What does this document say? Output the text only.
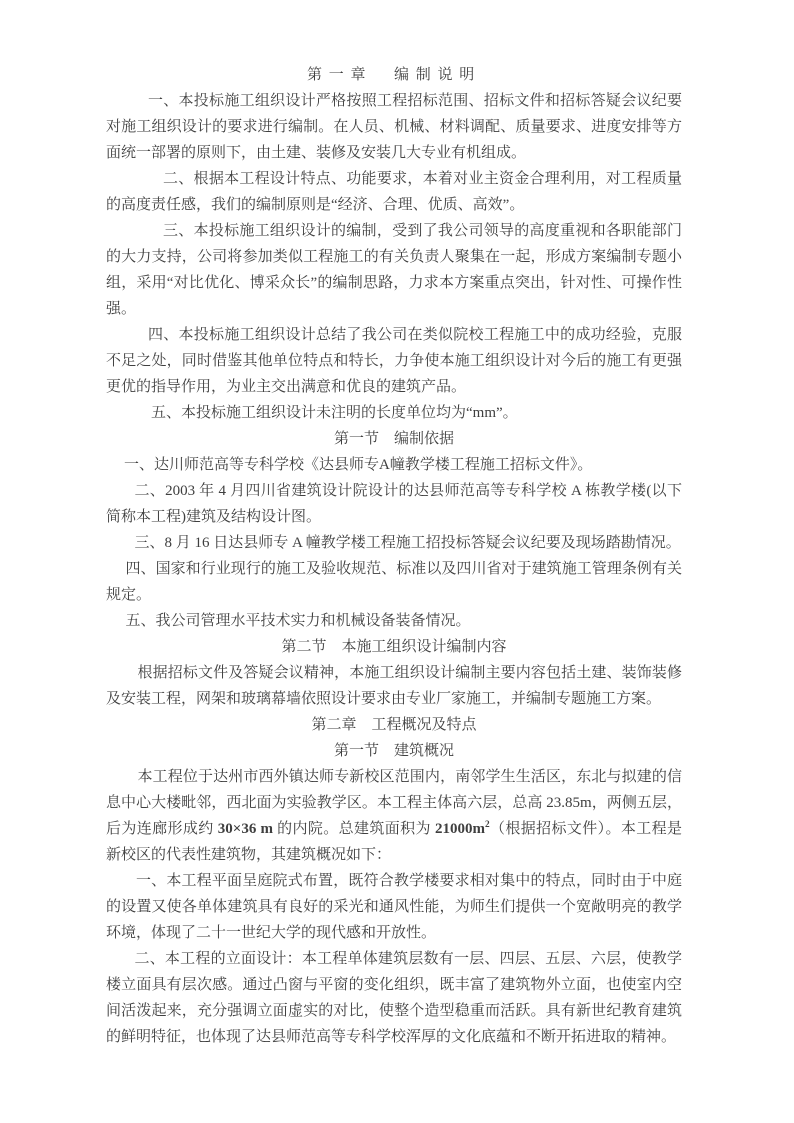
第一章　编制说明
一、本投标施工组织设计严格按照工程招标范围、招标文件和招标答疑会议纪要对施工组织设计的要求进行编制。在人员、机械、材料调配、质量要求、进度安排等方面统一部署的原则下，由土建、装修及安装几大专业有机组成。
二、根据本工程设计特点、功能要求，本着对业主资金合理利用，对工程质量的高度责任感，我们的编制原则是“经济、合理、优质、高效”。
三、本投标施工组织设计的编制，受到了我公司领导的高度重视和各职能部门的大力支持，公司将参加类似工程施工的有关负责人聚集在一起，形成方案编制专题小组，采用“对比优化、博采众长”的编制思路，力求本方案重点突出，针对性、可操作性强。
四、本投标施工组织设计总结了我公司在类似院校工程施工中的成功经验，克服不足之处，同时借鉴其他单位特点和特长，力争使本施工组织设计对今后的施工有更强更优的指导作用，为业主交出满意和优良的建筑产品。
五、本投标施工组织设计未注明的长度单位均为“mm”。
第一节　编制依据
一、达川师范高等专科学校《达县师专A幢教学楼工程施工招标文件》。
二、2003 年 4 月四川省建筑设计院设计的达县师范高等专科学校 A 栋教学楼(以下简称本工程)建筑及结构设计图。
三、8 月 16 日达县师专 A 幢教学楼工程施工招投标答疑会议纪要及现场踏勘情况。
四、国家和行业现行的施工及验收规范、标准以及四川省对于建筑施工管理条例有关规定。
五、我公司管理水平技术实力和机械设备装备情况。
第二节　本施工组织设计编制内容
根据招标文件及答疑会议精神，本施工组织设计编制主要内容包括土建、装饰装修及安装工程，网架和玻璃幕墙依照设计要求由专业厂家施工，并编制专题施工方案。
第二章　工程概况及特点
第一节　建筑概况
本工程位于达州市西外镇达师专新校区范围内，南邻学生生活区，东北与拟建的信息中心大楼毗邻，西北面为实验教学区。本工程主体高六层，总高 23.85m，两侧五层，后为连廊形成约 30×36 m 的内院。总建筑面积为 $21000m^2$（根据招标文件）。本工程是新校区的代表性建筑物，其建筑概况如下：
一、本工程平面呈庭院式布置，既符合教学楼要求相对集中的特点，同时由于中庭的设置又使各单体建筑具有良好的采光和通风性能，为师生们提供一个宽敞明亮的教学环境，体现了二十一世纪大学的现代感和开放性。
二、本工程的立面设计：本工程单体建筑层数有一层、四层、五层、六层，使教学楼立面具有层次感。通过凸窗与平窗的变化组织，既丰富了建筑物外立面，也使室内空间活泼起来，充分强调立面虚实的对比，使整个造型稳重而活跃。具有新世纪教育建筑的鲜明特征，也体现了达县师范高等专科学校浑厚的文化底蕴和不断开拓进取的精神。
